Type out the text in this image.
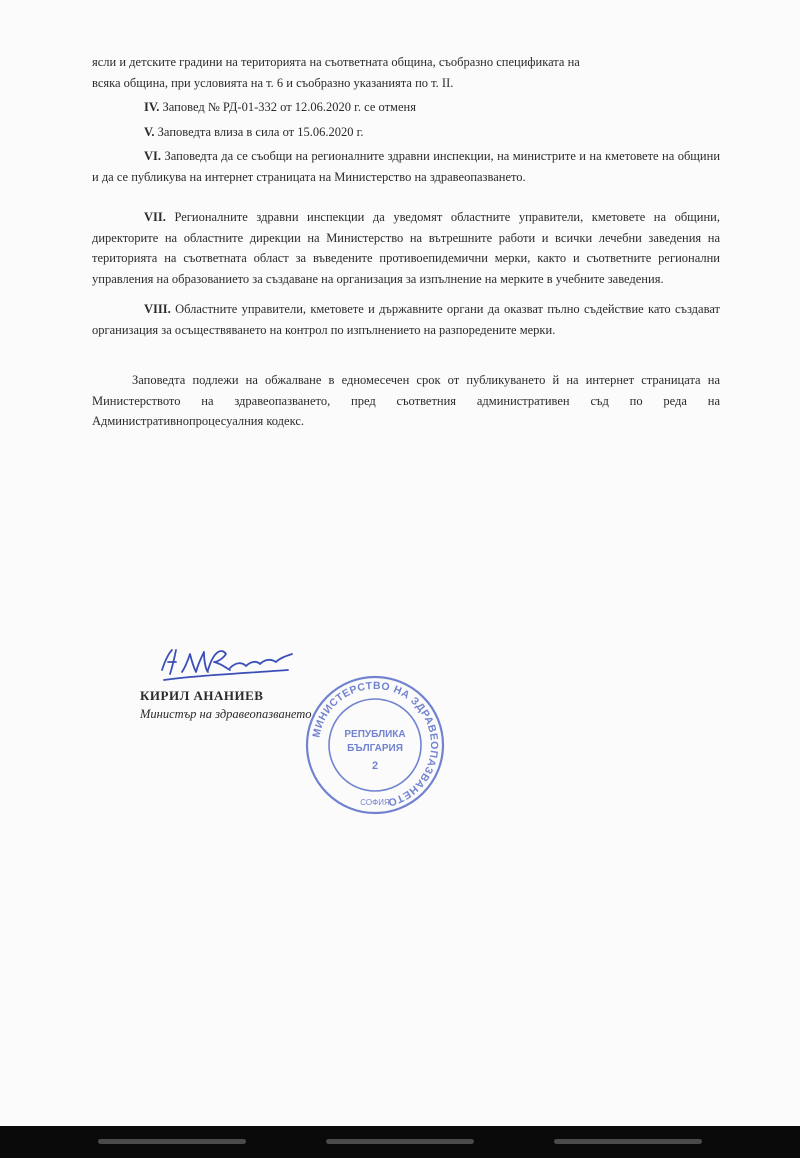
ясли и детските градини на територията на съответната община, съобразно спецификата на
всяка община, при условията на т. 6 и съобразно указанията по т. II.

IV. Заповед № РД-01-332 от 12.06.2020 г. се отменя

V. Заповедта влиза в сила от 15.06.2020 г.

VI. Заповедта да се съобщи на регионалните здравни инспекции, на министрите и на кметовете на общини и да се публикува на интернет страницата на Министерство на здравеопазването.

VII. Регионалните здравни инспекции да уведомят областните управители, кметовете на общини, директорите на областните дирекции на Министерство на вътрешните работи и всички лечебни заведения на територията на съответната област за въведените противоепидемични мерки, както и съответните регионални управления на образованието за създаване на организация за изпълнение на мерките в учебните заведения.

VIII. Областните управители, кметовете и държавните органи да оказват пълно съдействие като създават организация за осъществяването на контрол по изпълнението на разпоредените мерки.

Заповедта подлежи на обжалване в едномесечен срок от публикуването й на интернет страницата на Министерството на здравеопазването, пред съответния административен съд по реда на Административнопроцесуалния кодекс.

КИРИЛ АНАНИЕВ
Министър на здравеопазването
МИНИСТЕРСТВО НА ЗДРАВЕОПАЗВАНЕТО
СОФИЯ
РЕПУБЛИКА
БЪЛГАРИЯ
2
